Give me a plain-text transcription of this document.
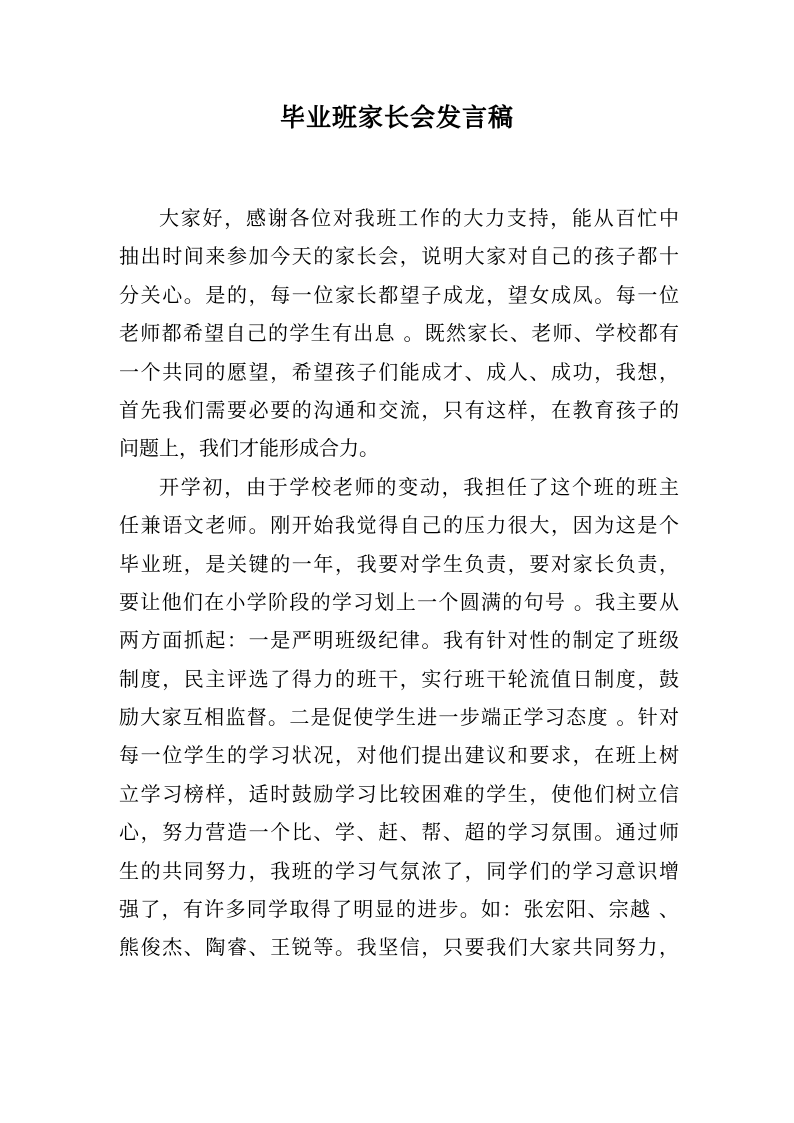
毕业班家长会发言稿
大家好，感谢各位对我班工作的大力支持，能从百忙中
抽出时间来参加今天的家长会，说明大家对自己的孩子都十
分关心。是的，每一位家长都望子成龙，望女成凤。每一位
老师都希望自己的学生有出息 。既然家长、老师、学校都有
一个共同的愿望，希望孩子们能成才、成人、成功，我想，
首先我们需要必要的沟通和交流，只有这样，在教育孩子的
问题上，我们才能形成合力。
开学初，由于学校老师的变动，我担任了这个班的班主
任兼语文老师。刚开始我觉得自己的压力很大，因为这是个
毕业班，是关键的一年，我要对学生负责，要对家长负责，
要让他们在小学阶段的学习划上一个圆满的句号 。我主要从
两方面抓起：一是严明班级纪律。我有针对性的制定了班级
制度，民主评选了得力的班干，实行班干轮流值日制度，鼓
励大家互相监督。二是促使学生进一步端正学习态度 。针对
每一位学生的学习状况，对他们提出建议和要求，在班上树
立学习榜样，适时鼓励学习比较困难的学生，使他们树立信
心，努力营造一个比、学、赶、帮、超的学习氛围。通过师
生的共同努力，我班的学习气氛浓了，同学们的学习意识增
强了，有许多同学取得了明显的进步。如：张宏阳、宗越 、
熊俊杰、陶睿、王锐等。我坚信，只要我们大家共同努力，
